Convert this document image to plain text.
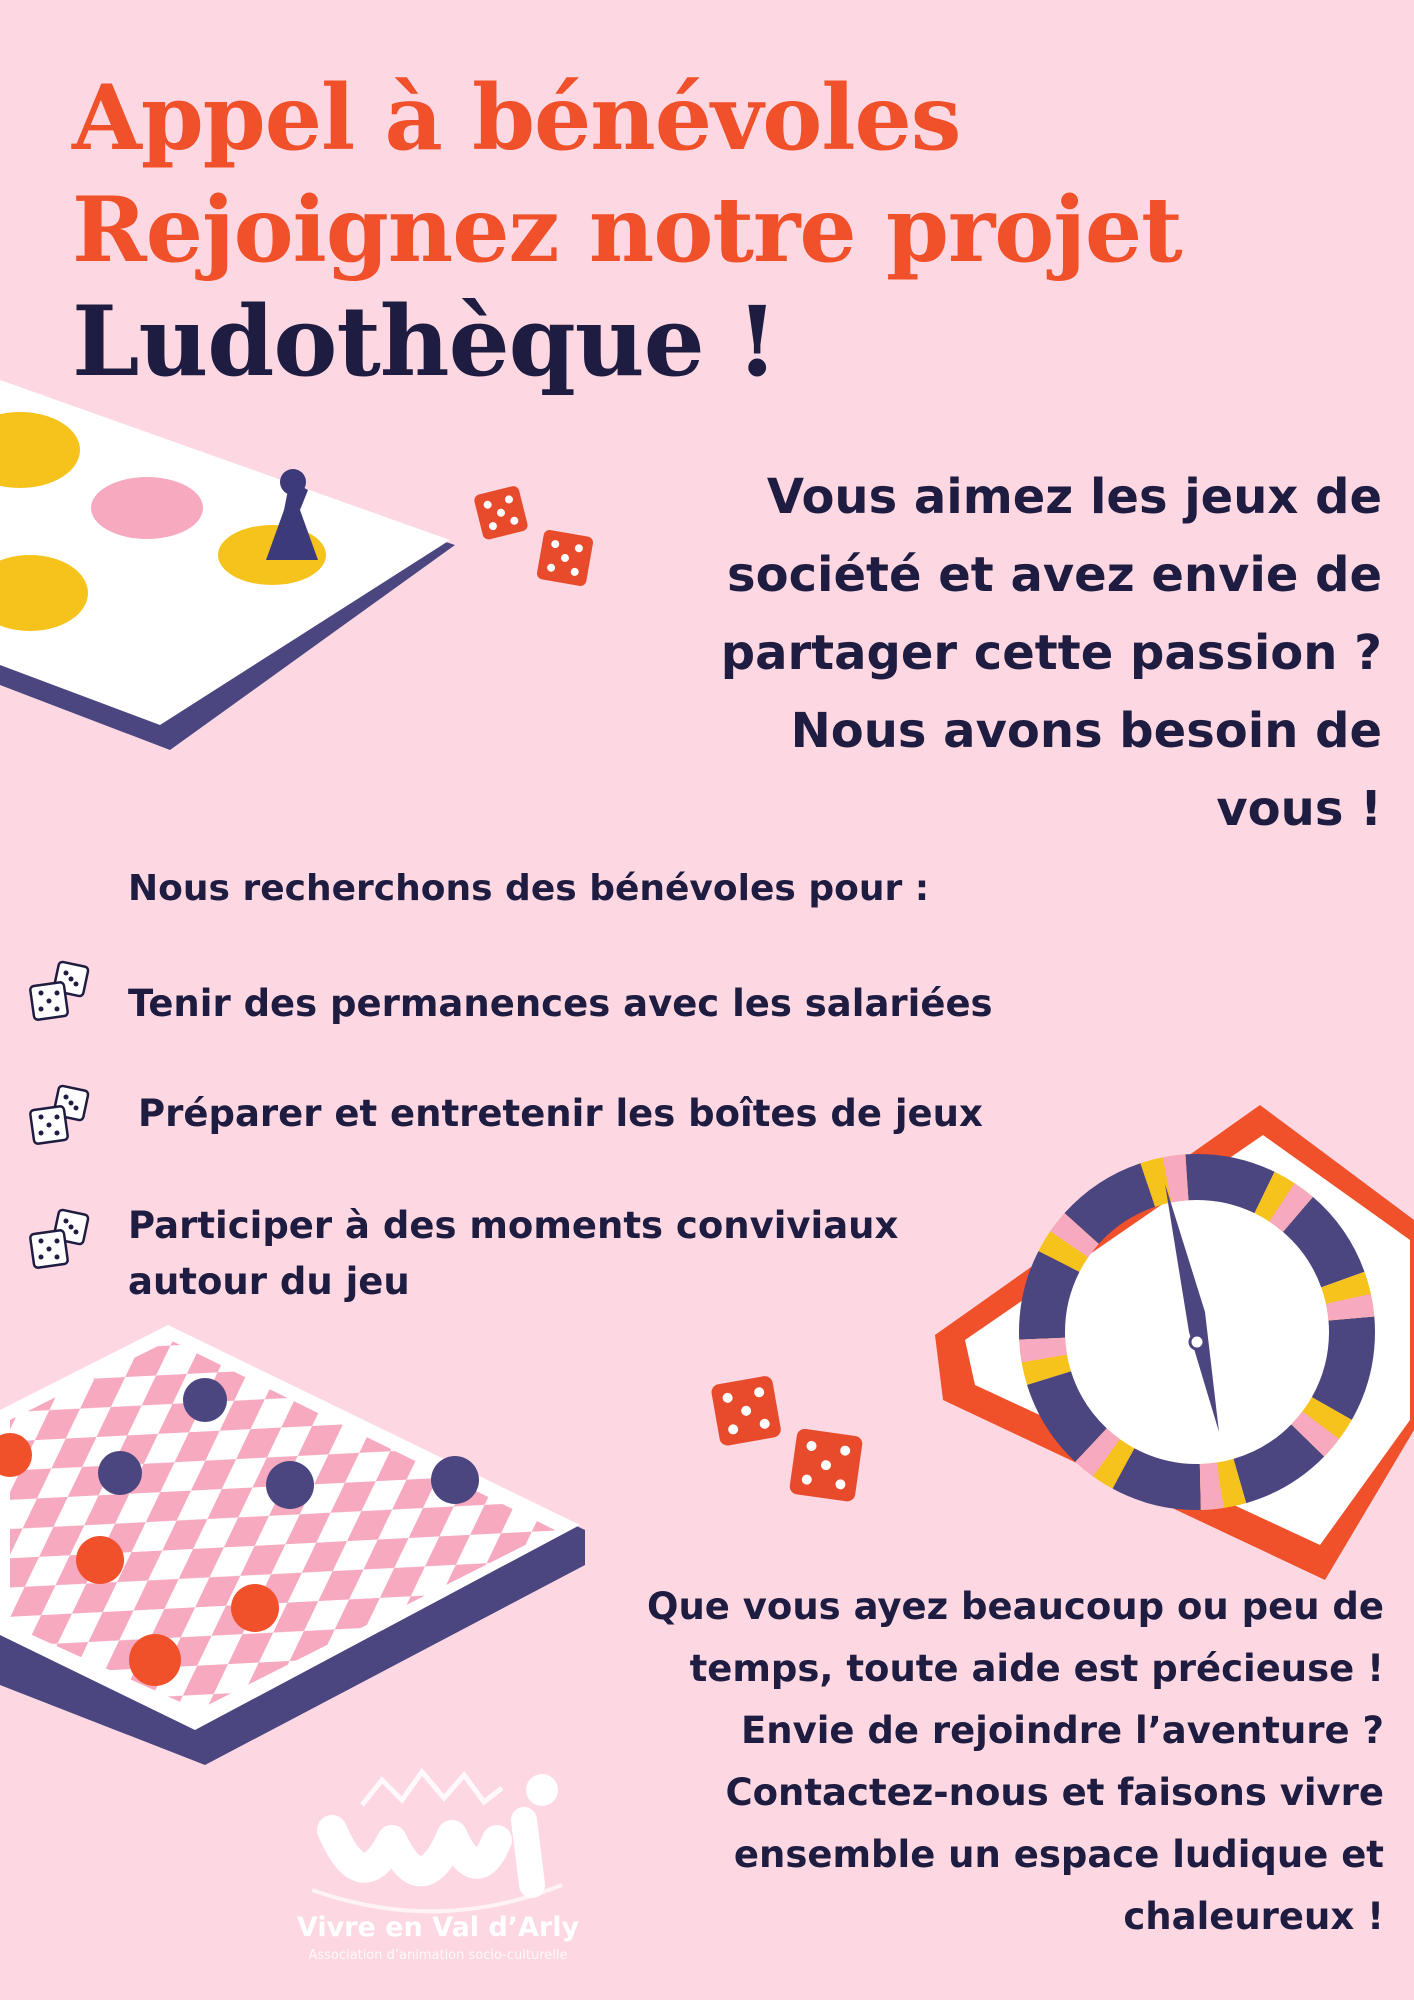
Appel à bénévoles
Rejoignez notre projet
Ludothèque !
Vous aimez les jeux de
société et avez envie de
partager cette passion ?
Nous avons besoin de
vous !
Nous recherchons des bénévoles pour :
Tenir des permanences avec les salariées
Préparer et entretenir les boîtes de jeux
Participer à des moments conviviaux
autour du jeu
Que vous ayez beaucoup ou peu de
temps, toute aide est précieuse !
Envie de rejoindre l’aventure ?
Contactez-nous et faisons vivre
ensemble un espace ludique et
chaleureux !
Vivre en Val d’Arly
Association d’animation socio-culturelle
